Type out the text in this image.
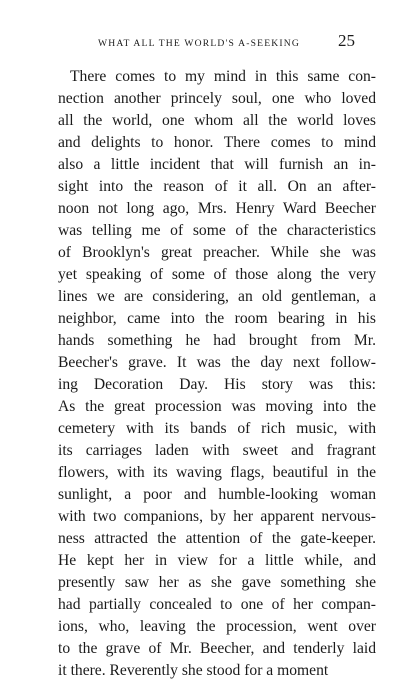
WHAT ALL THE WORLD'S A-SEEKING	25
There comes to my mind in this same con-
nection another princely soul, one who loved
all the world, one whom all the world loves
and delights to honor. There comes to mind
also a little incident that will furnish an in-
sight into the reason of it all. On an after-
noon not long ago, Mrs. Henry Ward Beecher
was telling me of some of the characteristics
of Brooklyn's great preacher. While she was
yet speaking of some of those along the very
lines we are considering, an old gentleman, a
neighbor, came into the room bearing in his
hands something he had brought from Mr.
Beecher's grave. It was the day next follow-
ing Decoration Day. His story was this:
As the great procession was moving into the
cemetery with its bands of rich music, with
its carriages laden with sweet and fragrant
flowers, with its waving flags, beautiful in the
sunlight, a poor and humble-looking woman
with two companions, by her apparent nervous-
ness attracted the attention of the gate-keeper.
He kept her in view for a little while, and
presently saw her as she gave something she
had partially concealed to one of her compan-
ions, who, leaving the procession, went over
to the grave of Mr. Beecher, and tenderly laid
it there. Reverently she stood for a moment
